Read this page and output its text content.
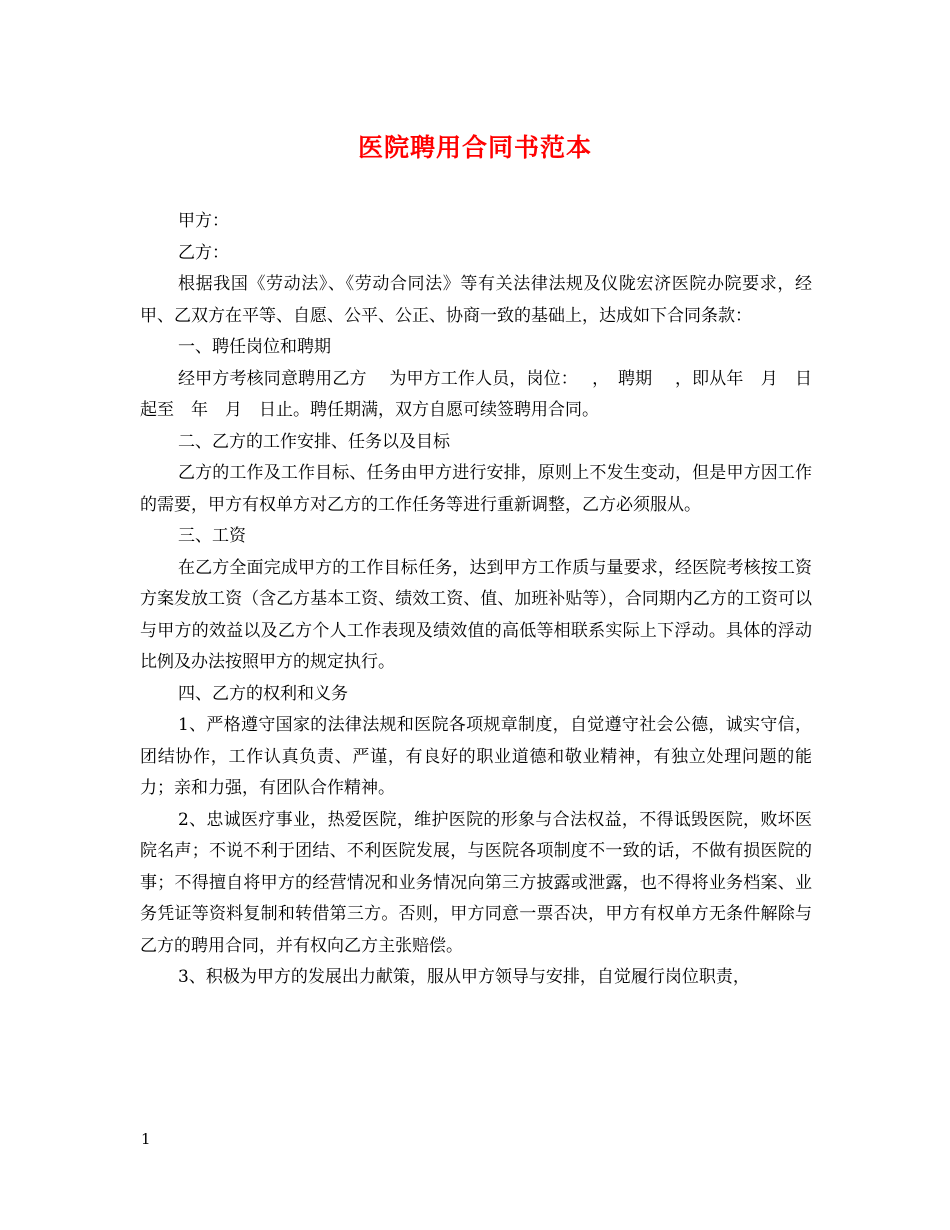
医院聘用合同书范本

甲方：

乙方：

根据我国《劳动法》、《劳动合同法》等有关法律法规及仪陇宏济医院办院要求，经甲、乙双方在平等、自愿、公平、公正、协商一致的基础上，达成如下合同条款：

一、聘任岗位和聘期

经甲方考核同意聘用乙方　 为甲方工作人员，岗位：　 ，　聘期　 ，即从年　月　日起至　年　月　日止。聘任期满，双方自愿可续签聘用合同。

二、乙方的工作安排、任务以及目标

乙方的工作及工作目标、任务由甲方进行安排，原则上不发生变动，但是甲方因工作的需要，甲方有权单方对乙方的工作任务等进行重新调整，乙方必须服从。

三、工资

在乙方全面完成甲方的工作目标任务，达到甲方工作质与量要求，经医院考核按工资方案发放工资（含乙方基本工资、绩效工资、值、加班补贴等），合同期内乙方的工资可以与甲方的效益以及乙方个人工作表现及绩效值的高低等相联系实际上下浮动。具体的浮动比例及办法按照甲方的规定执行。

四、乙方的权利和义务

1、严格遵守国家的法律法规和医院各项规章制度，自觉遵守社会公德，诚实守信，团结协作，工作认真负责、严谨，有良好的职业道德和敬业精神，有独立处理问题的能力；亲和力强，有团队合作精神。

2、忠诚医疗事业，热爱医院，维护医院的形象与合法权益，不得诋毁医院，败坏医院名声；不说不利于团结、不利医院发展，与医院各项制度不一致的话，不做有损医院的事；不得擅自将甲方的经营情况和业务情况向第三方披露或泄露，也不得将业务档案、业务凭证等资料复制和转借第三方。否则，甲方同意一票否决，甲方有权单方无条件解除与乙方的聘用合同，并有权向乙方主张赔偿。

3、积极为甲方的发展出力献策，服从甲方领导与安排，自觉履行岗位职责，

1
